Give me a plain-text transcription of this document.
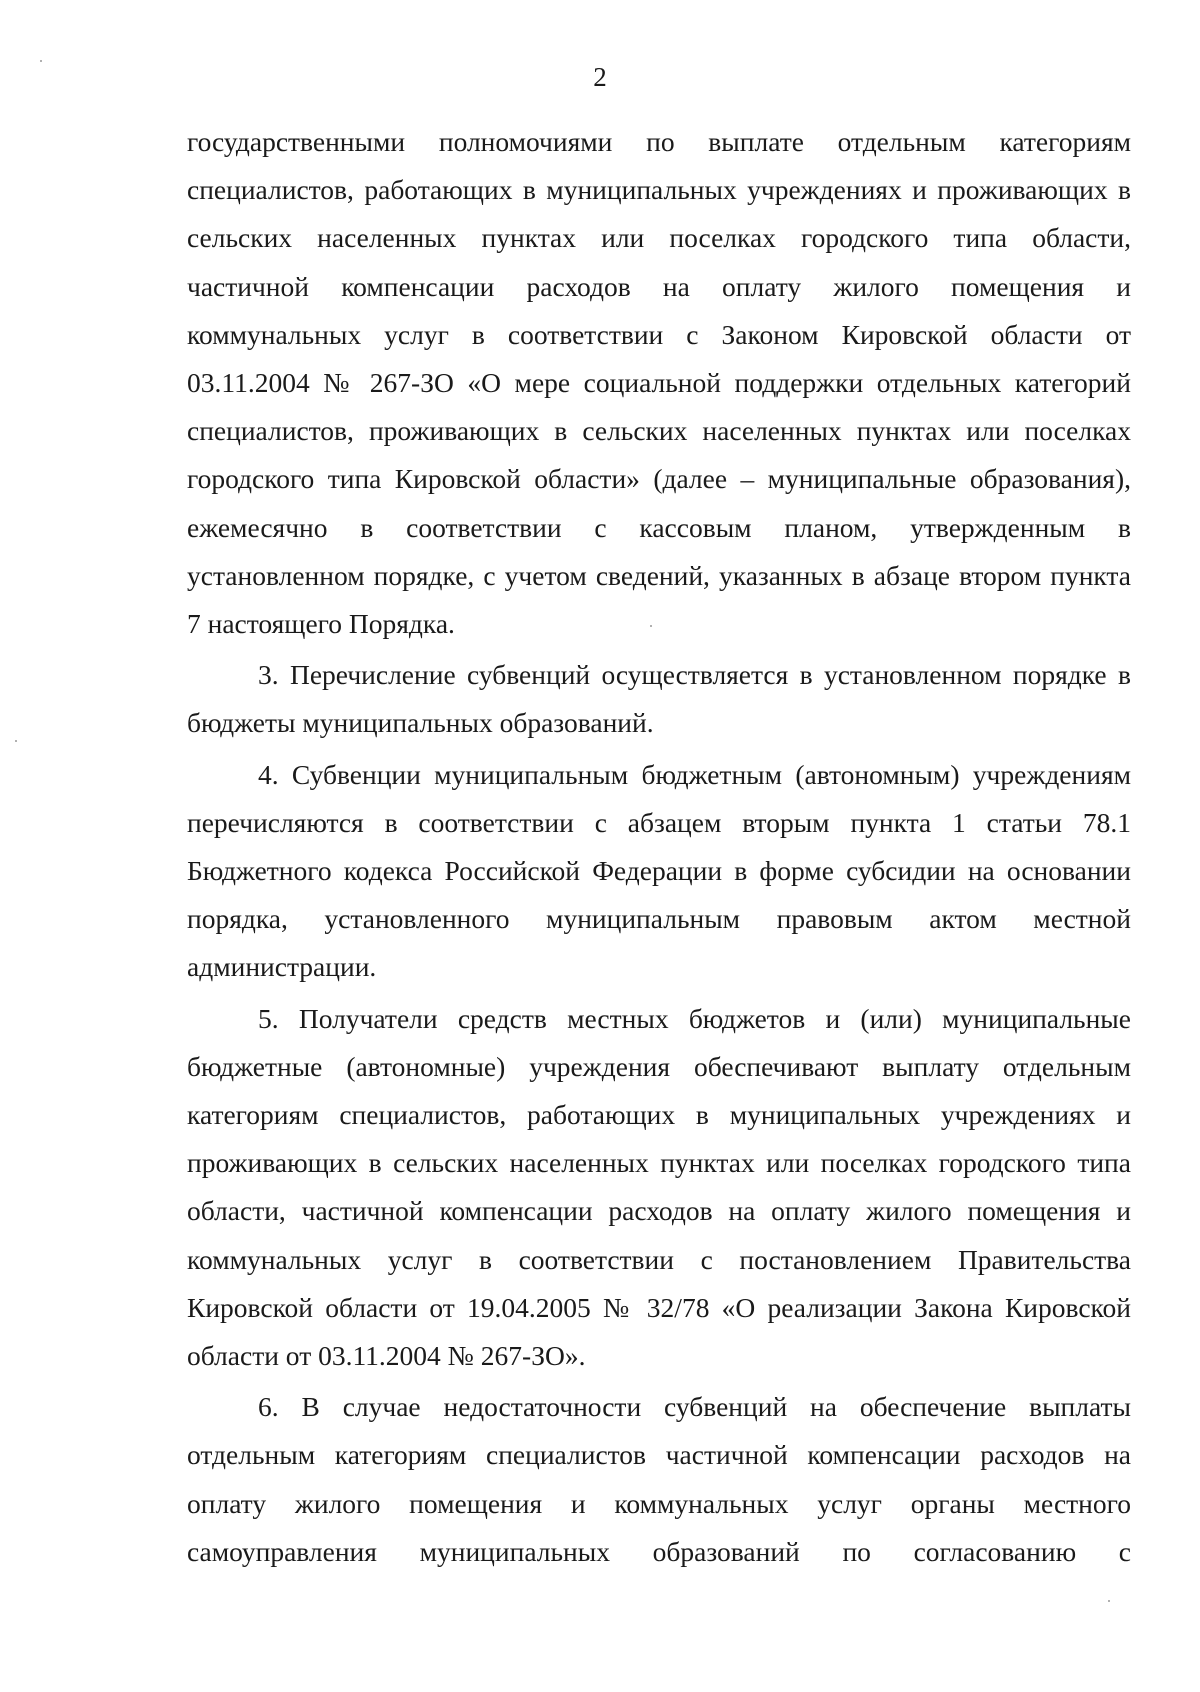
2

государственными полномочиями по выплате отдельным категориям специалистов, работающих в муниципальных учреждениях и проживающих в сельских населенных пунктах или поселках городского типа области, частичной компенсации расходов на оплату жилого помещения и коммунальных услуг в соответствии с Законом Кировской области от 03.11.2004 № 267-ЗО «О мере социальной поддержки отдельных категорий специалистов, проживающих в сельских населенных пунктах или поселках городского типа Кировской области» (далее – муниципальные образования), ежемесячно в соответствии с кассовым планом, утвержденным в установленном порядке, с учетом сведений, указанных в абзаце втором пункта 7 настоящего Порядка.

3. Перечисление субвенций осуществляется в установленном порядке в бюджеты муниципальных образований.

4. Субвенции муниципальным бюджетным (автономным) учреждениям перечисляются в соответствии с абзацем вторым пункта 1 статьи 78.1 Бюджетного кодекса Российской Федерации в форме субсидии на основании порядка, установленного муниципальным правовым актом местной администрации.

5. Получатели средств местных бюджетов и (или) муниципальные бюджетные (автономные) учреждения обеспечивают выплату отдельным категориям специалистов, работающих в муниципальных учреждениях и проживающих в сельских населенных пунктах или поселках городского типа области, частичной компенсации расходов на оплату жилого помещения и коммунальных услуг в соответствии с постановлением Правительства Кировской области от 19.04.2005 № 32/78 «О реализации Закона Кировской области от 03.11.2004 № 267-ЗО».

6. В случае недостаточности субвенций на обеспечение выплаты отдельным категориям специалистов частичной компенсации расходов на оплату жилого помещения и коммунальных услуг органы местного самоуправления муниципальных образований по согласованию с
